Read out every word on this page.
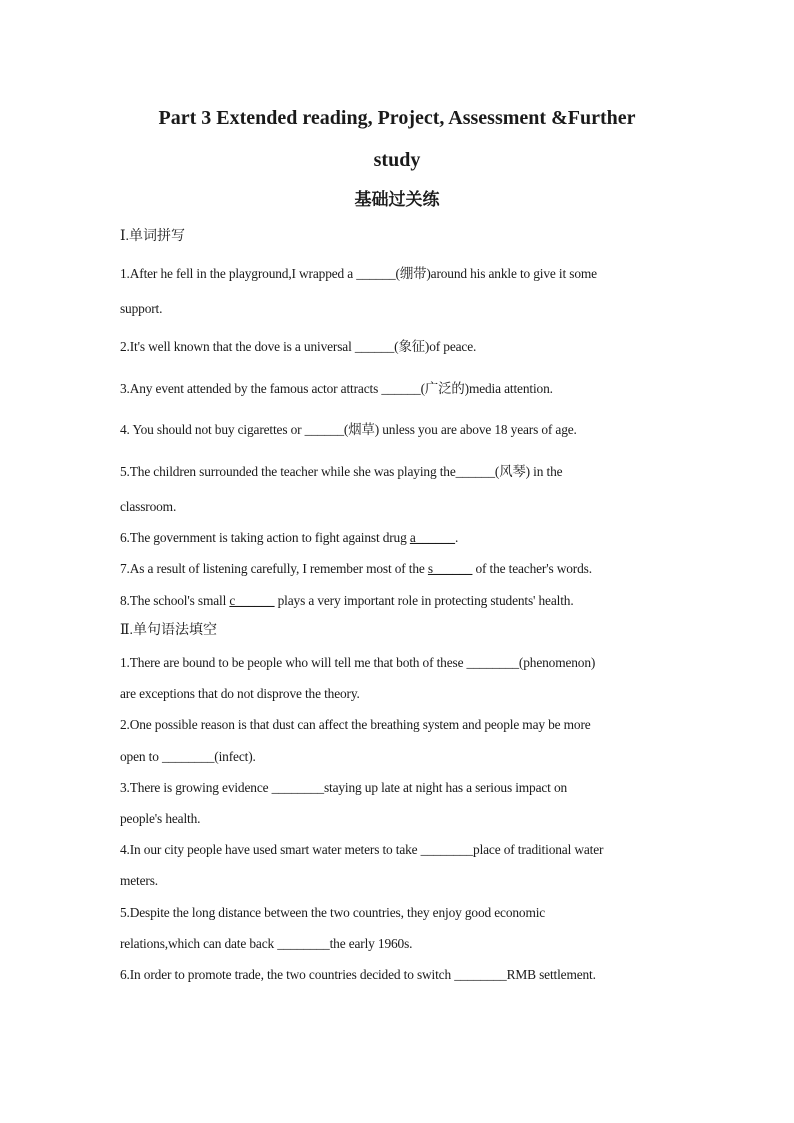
Part 3 Extended reading, Project, Assessment &Further
study
基础过关练
Ⅰ.单词拼写
1.After he fell in the playground,I wrapped a ______(绷带)around his ankle to give it some
support.
2.It's well known that the dove is a universal ______(象征)of peace.
3.Any event attended by the famous actor attracts ______(广泛的)media attention.
4. You should not buy cigarettes or ______(烟草) unless you are above 18 years of age.
5.The children surrounded the teacher while she was playing the______(风琴) in the
classroom.
6.The government is taking action to fight against drug a______.
7.As a result of listening carefully, I remember most of the s______ of the teacher's words.
8.The school's small c______ plays a very important role in protecting students' health.
Ⅱ.单句语法填空
1.There are bound to be people who will tell me that both of these ________(phenomenon)
are exceptions that do not disprove the theory.
2.One possible reason is that dust can affect the breathing system and people may be more
open to ________(infect).
3.There is growing evidence ________staying up late at night has a serious impact on
people's health.
4.In our city people have used smart water meters to take ________place of traditional water
meters.
5.Despite the long distance between the two countries, they enjoy good economic
relations,which can date back ________the early 1960s.
6.In order to promote trade, the two countries decided to switch ________RMB settlement.
